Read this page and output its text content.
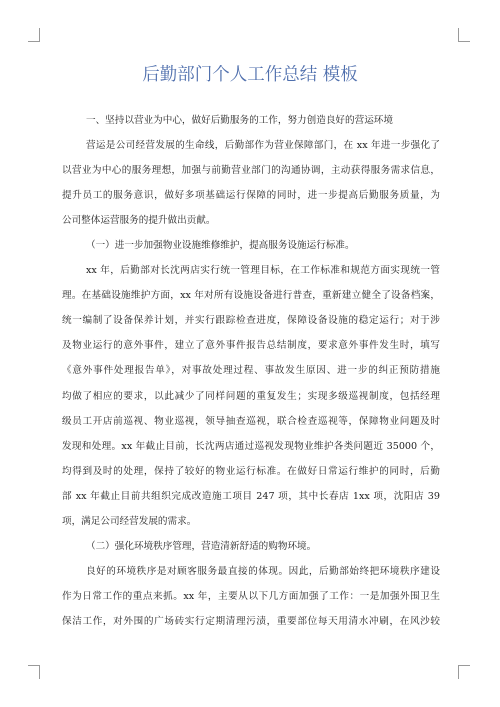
后勤部门个人工作总结 模板
一、坚持以营业为中心，做好后勤服务的工作，努力创造良好的营运环境
营运是公司经营发展的生命线，后勤部作为营业保障部门，在 xx 年进一步强化了
以营业为中心的服务理想，加强与前勤营业部门的沟通协调，主动获得服务需求信息，
提升员工的服务意识，做好多项基础运行保障的同时，进一步提高后勤服务质量，为
公司整体运营服务的提升做出贡献。
（一）进一步加强物业设施维修维护，提高服务设施运行标准。
xx 年，后勤部对长沈两店实行统一管理目标，在工作标准和规范方面实现统一管
理。在基础设施维护方面，xx 年对所有设施设备进行普查，重新建立健全了设备档案，
统一编制了设备保养计划，并实行跟踪检查进度，保障设备设施的稳定运行；对于涉
及物业运行的意外事件，建立了意外事件报告总结制度，要求意外事件发生时，填写
《意外事件处理报告单》，对事故处理过程、事故发生原因、进一步的纠正预防措施
均做了相应的要求，以此减少了同样问题的重复发生；实现多级巡视制度，包括经理
级员工开店前巡视、物业巡视，领导抽查巡视，联合检查巡视等，保障物业问题及时
发现和处理。xx 年截止目前，长沈两店通过巡视发现物业维护各类问题近 35000 个，
均得到及时的处理，保持了较好的物业运行标准。在做好日常运行维护的同时，后勤
部 xx 年截止目前共组织完成改造施工项目 247 项，其中长春店 1xx 项，沈阳店 39
项，满足公司经营发展的需求。
（二）强化环境秩序管理，营造清新舒适的购物环境。
良好的环境秩序是对顾客服务最直接的体现。因此，后勤部始终把环境秩序建设
作为日常工作的重点来抓。xx 年，主要从以下几方面加强了工作：一是加强外围卫生
保洁工作，对外围的广场砖实行定期清理污渍，重要部位每天用清水冲刷，在风沙较
